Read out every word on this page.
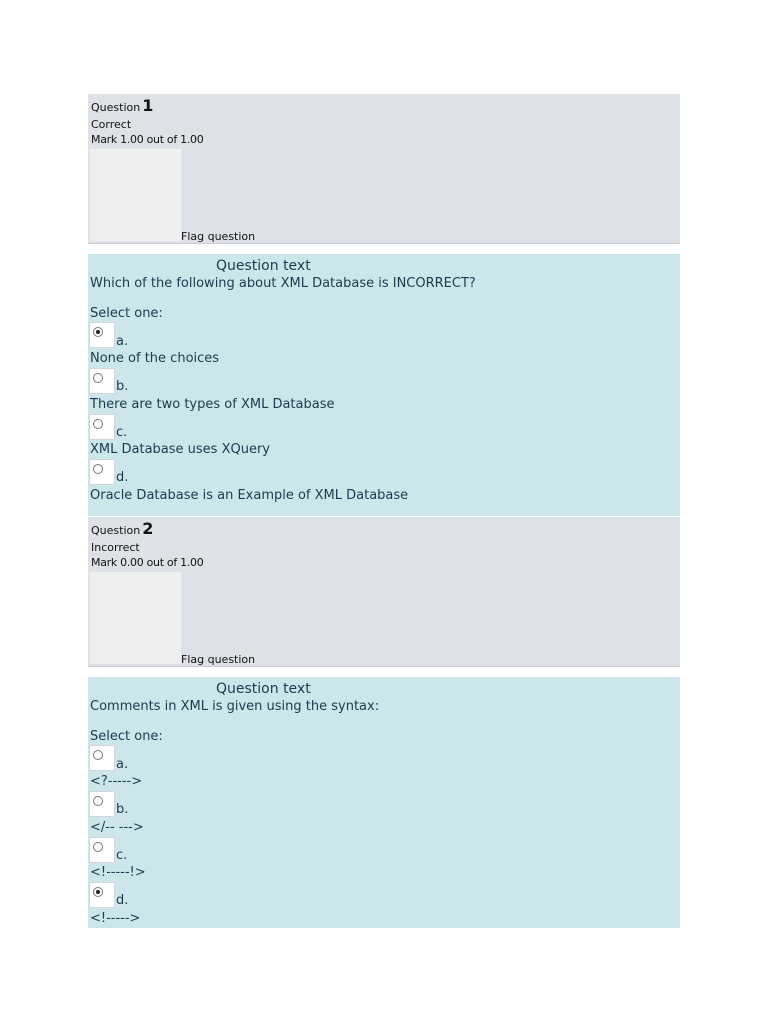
Question 1
Correct
Mark 1.00 out of 1.00
Flag question
Question text
Which of the following about XML Database is INCORRECT?
Select one:
a.
None of the choices
b.
There are two types of XML Database
c.
XML Database uses XQuery
d.
Oracle Database is an Example of XML Database
Question 2
Incorrect
Mark 0.00 out of 1.00
Flag question
Question text
Comments in XML is given using the syntax:
Select one:
a.
<?----->
b.
</-- --->
c.
<!-----!>
d.
<!----->
